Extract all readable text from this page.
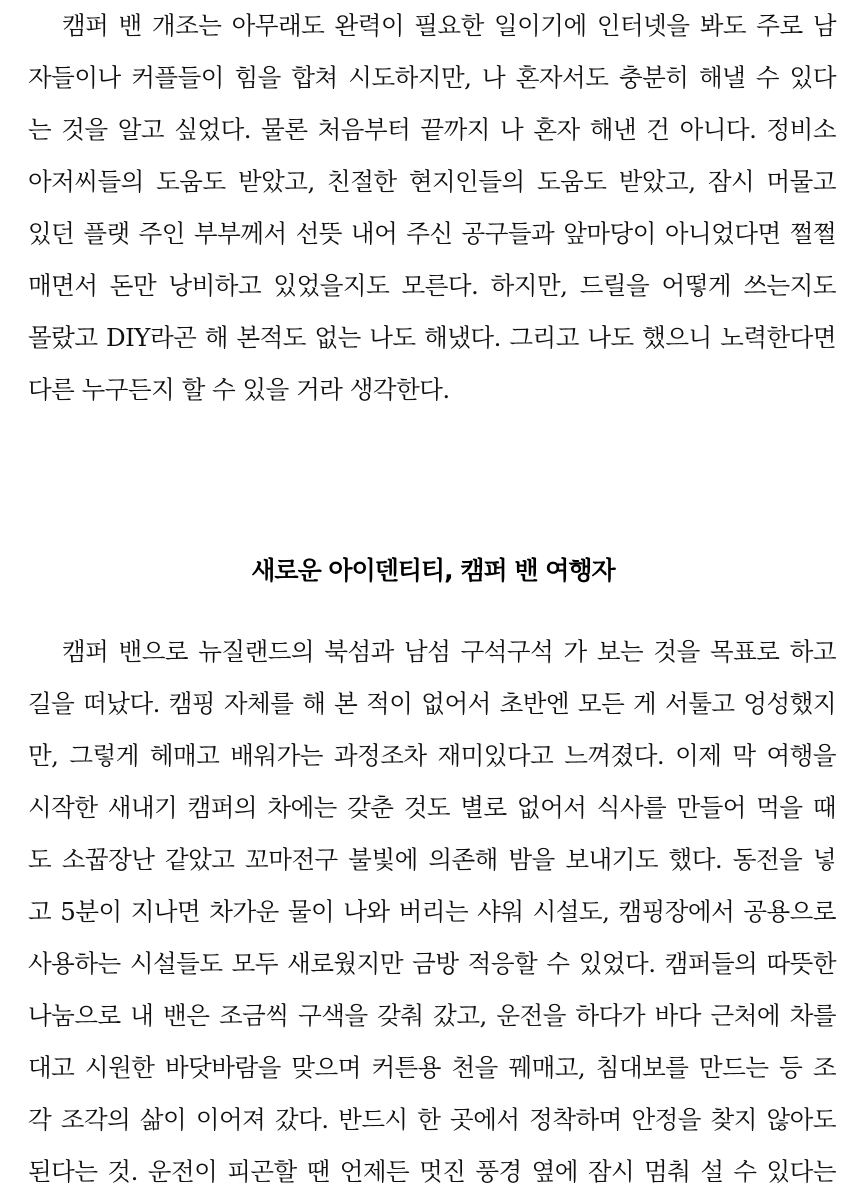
캠퍼 밴 개조는 아무래도 완력이 필요한 일이기에 인터넷을 봐도 주로 남
자들이나 커플들이 힘을 합쳐 시도하지만, 나 혼자서도 충분히 해낼 수 있다
는 것을 알고 싶었다. 물론 처음부터 끝까지 나 혼자 해낸 건 아니다. 정비소
아저씨들의 도움도 받았고, 친절한 현지인들의 도움도 받았고, 잠시 머물고
있던 플랫 주인 부부께서 선뜻 내어 주신 공구들과 앞마당이 아니었다면 쩔쩔
매면서 돈만 낭비하고 있었을지도 모른다. 하지만, 드릴을 어떻게 쓰는지도
몰랐고 DIY라곤 해 본적도 없는 나도 해냈다. 그리고 나도 했으니 노력한다면
다른 누구든지 할 수 있을 거라 생각한다.

새로운 아이덴티티, 캠퍼 밴 여행자

캠퍼 밴으로 뉴질랜드의 북섬과 남섬 구석구석 가 보는 것을 목표로 하고
길을 떠났다. 캠핑 자체를 해 본 적이 없어서 초반엔 모든 게 서툴고 엉성했지
만, 그렇게 헤매고 배워가는 과정조차 재미있다고 느껴졌다. 이제 막 여행을
시작한 새내기 캠퍼의 차에는 갖춘 것도 별로 없어서 식사를 만들어 먹을 때
도 소꿉장난 같았고 꼬마전구 불빛에 의존해 밤을 보내기도 했다. 동전을 넣
고 5분이 지나면 차가운 물이 나와 버리는 샤워 시설도, 캠핑장에서 공용으로
사용하는 시설들도 모두 새로웠지만 금방 적응할 수 있었다. 캠퍼들의 따뜻한
나눔으로 내 밴은 조금씩 구색을 갖춰 갔고, 운전을 하다가 바다 근처에 차를
대고 시원한 바닷바람을 맞으며 커튼용 천을 꿰매고, 침대보를 만드는 등 조
각 조각의 삶이 이어져 갔다. 반드시 한 곳에서 정착하며 안정을 찾지 않아도
된다는 것. 운전이 피곤할 땐 언제든 멋진 풍경 옆에 잠시 멈춰 설 수 있다는
